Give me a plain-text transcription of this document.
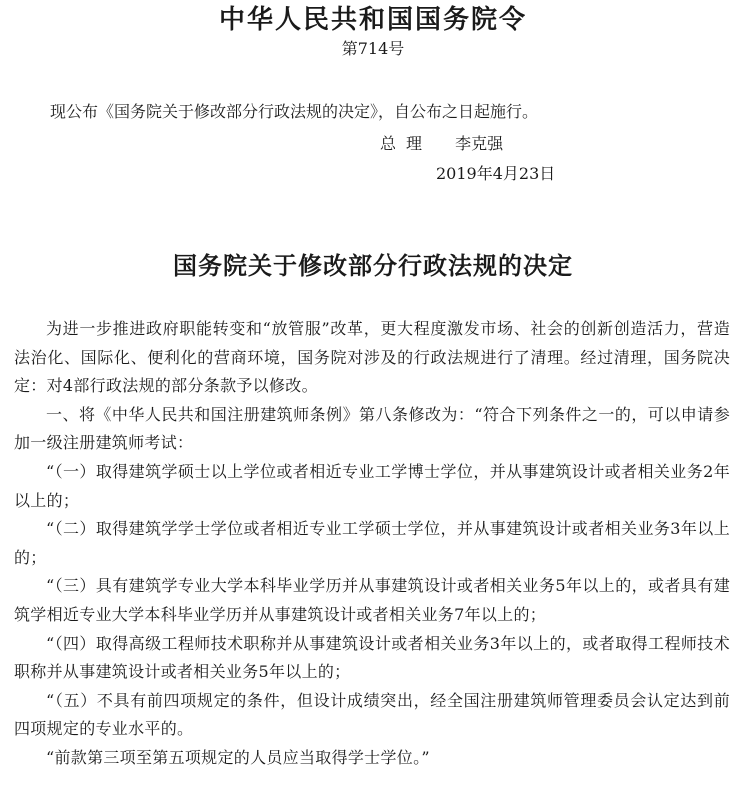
中华人民共和国国务院令
第714号
现公布《国务院关于修改部分行政法规的决定》，自公布之日起施行。
总理 李克强
2019年4月23日
国务院关于修改部分行政法规的决定

为进一步推进政府职能转变和“放管服”改革，更大程度激发市场、社会的创新创造活力，营造法治化、国际化、便利化的营商环境，国务院对涉及的行政法规进行了清理。经过清理，国务院决定：对4部行政法规的部分条款予以修改。

一、将《中华人民共和国注册建筑师条例》第八条修改为：“符合下列条件之一的，可以申请参加一级注册建筑师考试：

“（一）取得建筑学硕士以上学位或者相近专业工学博士学位，并从事建筑设计或者相关业务2年以上的；

“（二）取得建筑学学士学位或者相近专业工学硕士学位，并从事建筑设计或者相关业务3年以上的；

“（三）具有建筑学专业大学本科毕业学历并从事建筑设计或者相关业务5年以上的，或者具有建筑学相近专业大学本科毕业学历并从事建筑设计或者相关业务7年以上的；

“（四）取得高级工程师技术职称并从事建筑设计或者相关业务3年以上的，或者取得工程师技术职称并从事建筑设计或者相关业务5年以上的；

“（五）不具有前四项规定的条件，但设计成绩突出，经全国注册建筑师管理委员会认定达到前四项规定的专业水平的。

“前款第三项至第五项规定的人员应当取得学士学位。”
